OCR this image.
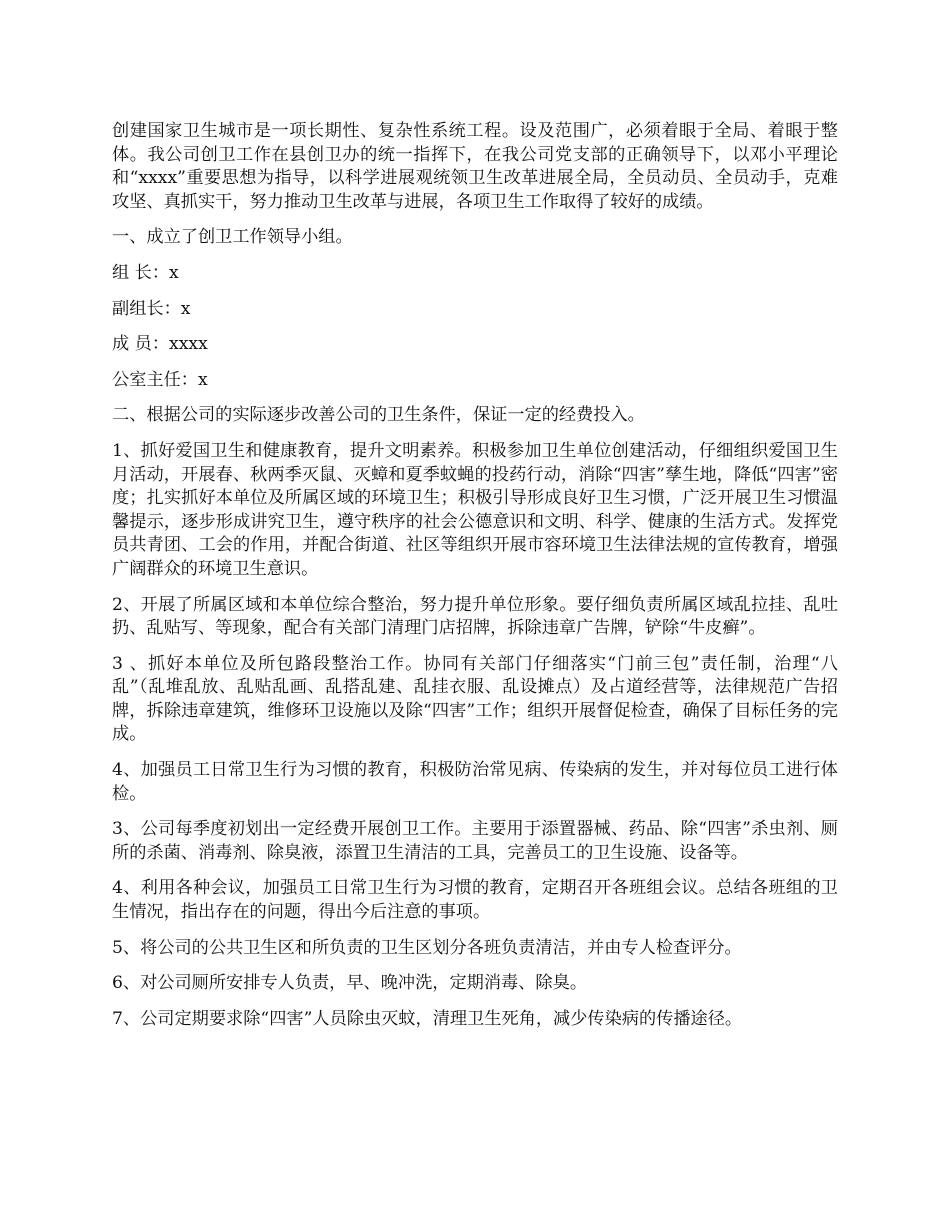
创建国家卫生城市是一项长期性、复杂性系统工程。设及范围广，必须着眼于全局、着眼于整体。我公司创卫工作在县创卫办的统一指挥下，在我公司党支部的正确领导下，以邓小平理论和“xxxx”重要思想为指导，以科学进展观统领卫生改革进展全局，全员动员、全员动手，克难攻坚、真抓实干，努力推动卫生改革与进展，各项卫生工作取得了较好的成绩。

一、成立了创卫工作领导小组。

组 长：x

副组长：x

成 员：xxxx

公室主任：x

二、根据公司的实际逐步改善公司的卫生条件，保证一定的经费投入。

1、抓好爱国卫生和健康教育，提升文明素养。积极参加卫生单位创建活动，仔细组织爱国卫生月活动，开展春、秋两季灭鼠、灭蟑和夏季蚊蝇的投药行动，消除“四害”孳生地，降低“四害”密度；扎实抓好本单位及所属区域的环境卫生；积极引导形成良好卫生习惯，广泛开展卫生习惯温馨提示，逐步形成讲究卫生，遵守秩序的社会公德意识和文明、科学、健康的生活方式。发挥党员共青团、工会的作用，并配合街道、社区等组织开展市容环境卫生法律法规的宣传教育，增强广阔群众的环境卫生意识。

2、开展了所属区域和本单位综合整治，努力提升单位形象。要仔细负责所属区域乱拉挂、乱吐扔、乱贴写、等现象，配合有关部门清理门店招牌，拆除违章广告牌，铲除“牛皮癣”。

3 、抓好本单位及所包路段整治工作。协同有关部门仔细落实“门前三包”责任制，治理“八乱”（乱堆乱放、乱贴乱画、乱搭乱建、乱挂衣服、乱设摊点）及占道经营等，法律规范广告招牌，拆除违章建筑，维修环卫设施以及除“四害”工作；组织开展督促检查，确保了目标任务的完成。

4、加强员工日常卫生行为习惯的教育，积极防治常见病、传染病的发生，并对每位员工进行体检。

3、公司每季度初划出一定经费开展创卫工作。主要用于添置器械、药品、除“四害”杀虫剂、厕所的杀菌、消毒剂、除臭液，添置卫生清洁的工具，完善员工的卫生设施、设备等。

4、利用各种会议，加强员工日常卫生行为习惯的教育，定期召开各班组会议。总结各班组的卫生情况，指出存在的问题，得出今后注意的事项。

5、将公司的公共卫生区和所负责的卫生区划分各班负责清洁，并由专人检查评分。

6、对公司厕所安排专人负责，早、晚冲洗，定期消毒、除臭。

7、公司定期要求除“四害”人员除虫灭蚊，清理卫生死角，减少传染病的传播途径。
